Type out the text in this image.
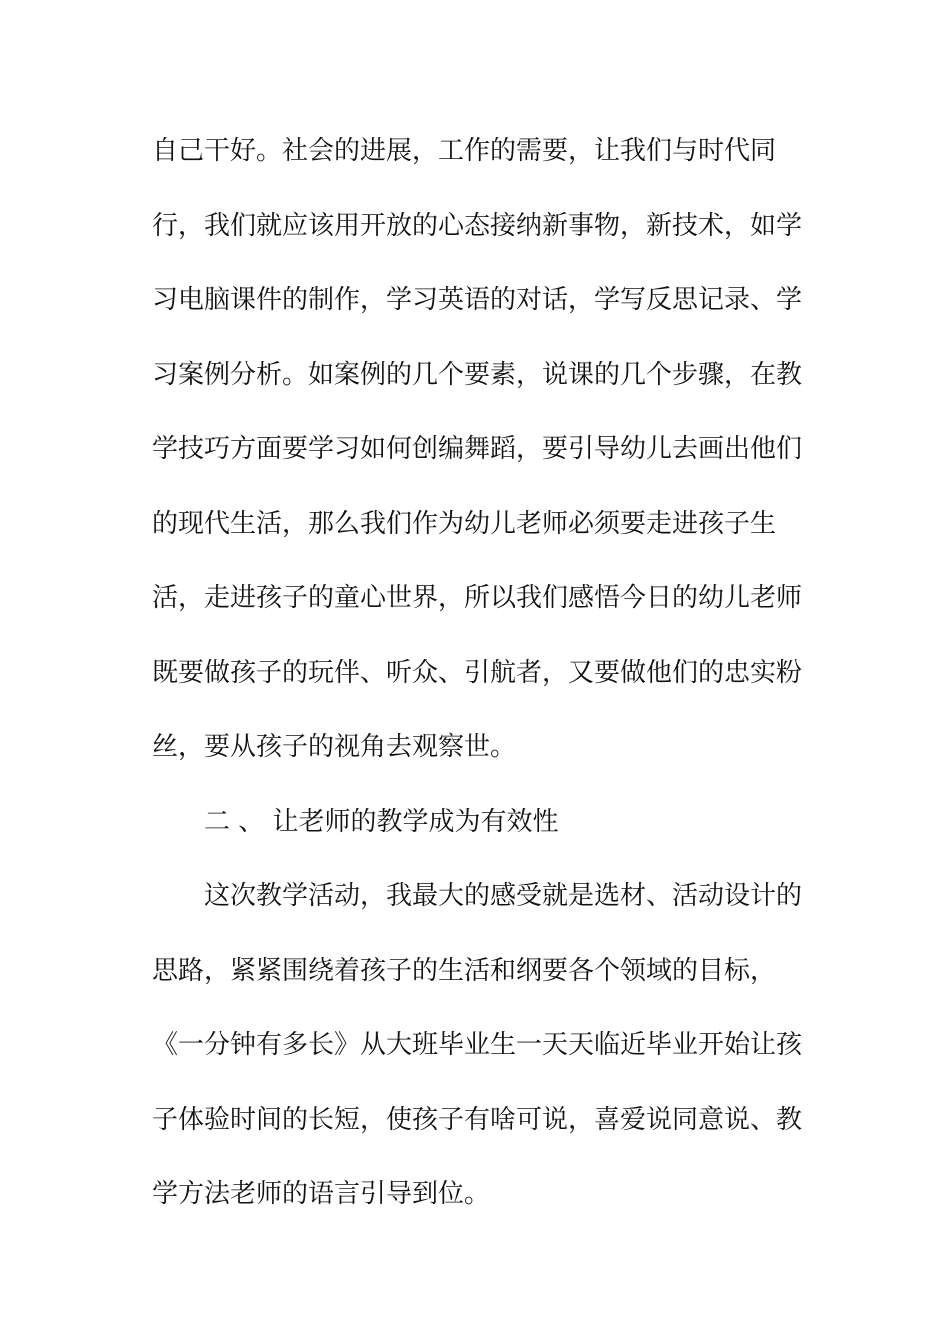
自己干好。社会的进展，工作的需要，让我们与时代同
行，我们就应该用开放的心态接纳新事物，新技术，如学
习电脑课件的制作，学习英语的对话，学写反思记录、学
习案例分析。如案例的几个要素，说课的几个步骤，在教
学技巧方面要学习如何创编舞蹈，要引导幼儿去画出他们
的现代生活，那么我们作为幼儿老师必须要走进孩子生
活，走进孩子的童心世界，所以我们感悟今日的幼儿老师
既要做孩子的玩伴、听众、引航者，又要做他们的忠实粉
丝，要从孩子的视角去观察世。
二 、 让老师的教学成为有效性
这次教学活动，我最大的感受就是选材、活动设计的
思路，紧紧围绕着孩子的生活和纲要各个领域的目标，
《一分钟有多长》从大班毕业生一天天临近毕业开始让孩
子体验时间的长短，使孩子有啥可说，喜爱说同意说、教
学方法老师的语言引导到位。
